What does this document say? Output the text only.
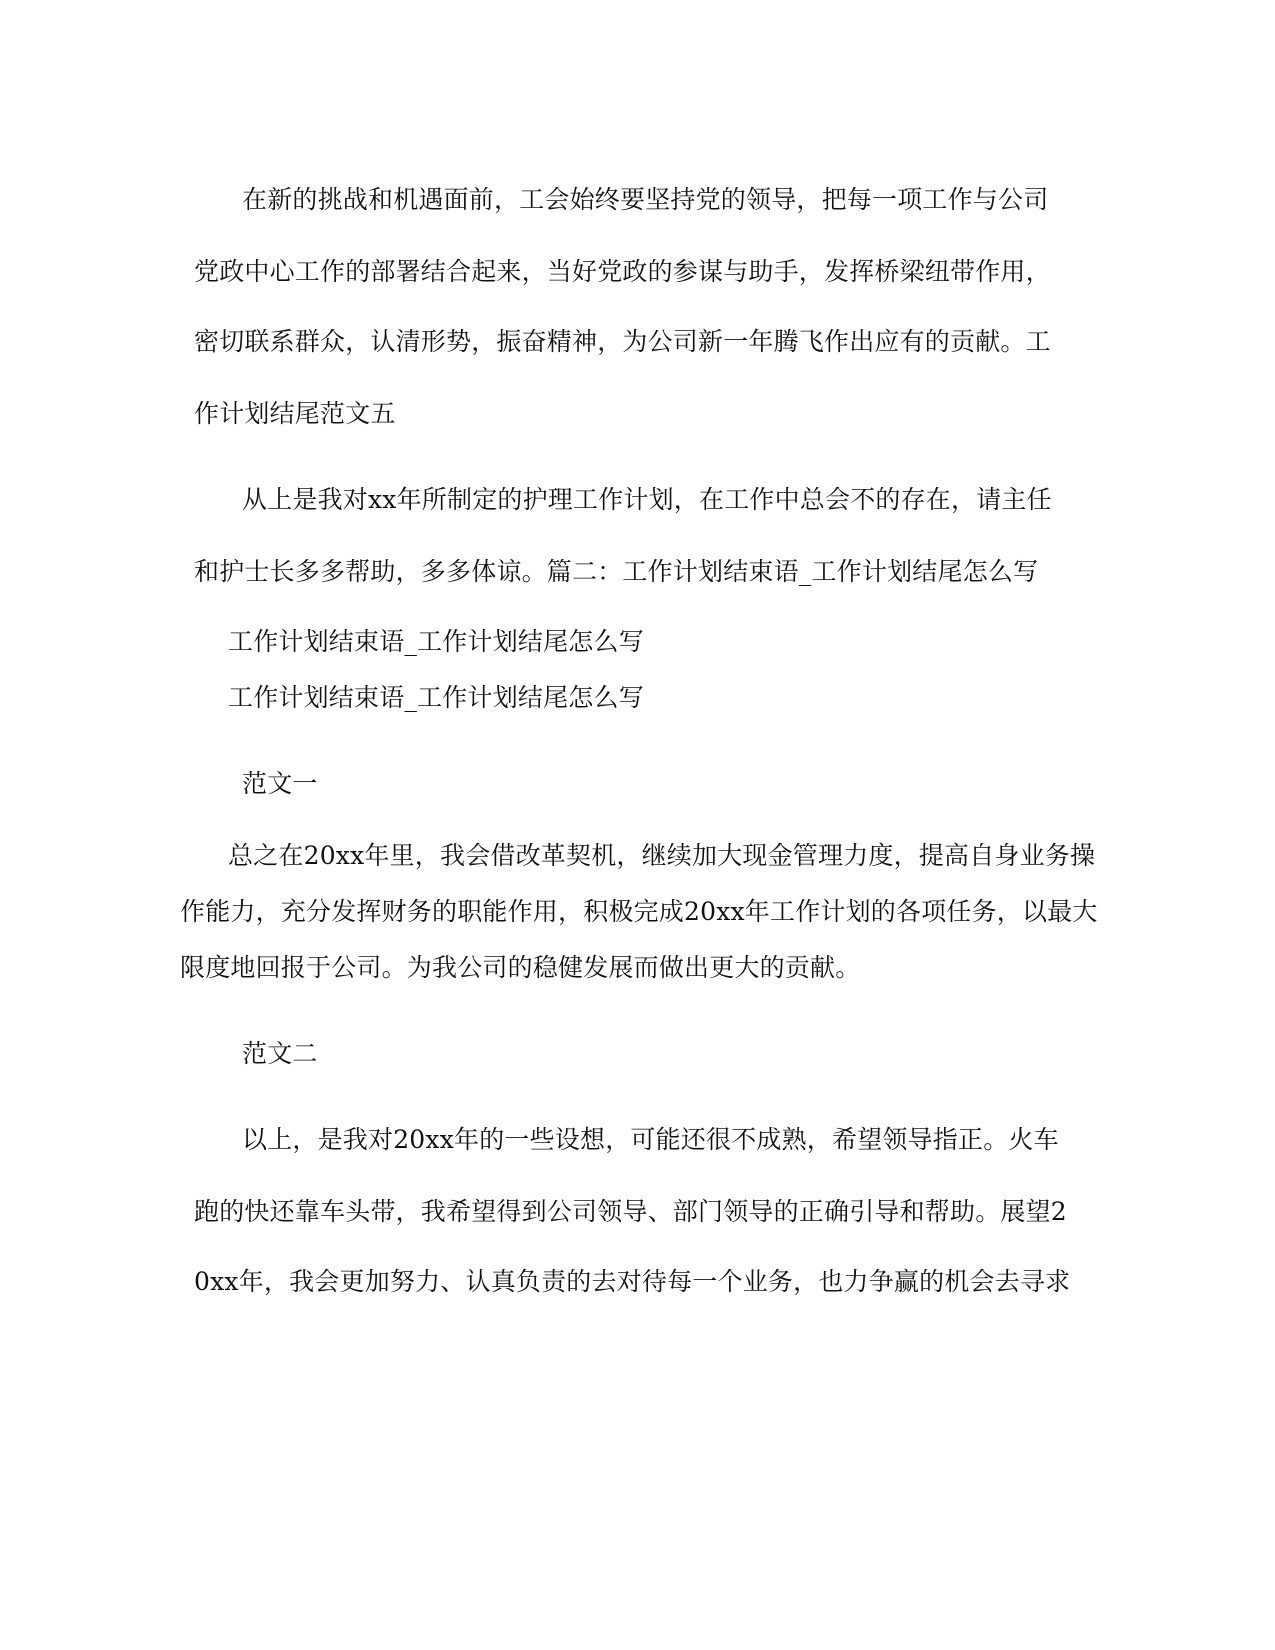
在新的挑战和机遇面前，工会始终要坚持党的领导，把每一项工作与公司
党政中心工作的部署结合起来，当好党政的参谋与助手，发挥桥梁纽带作用，
密切联系群众，认清形势，振奋精神，为公司新一年腾飞作出应有的贡献。工
作计划结尾范文五
从上是我对xx年所制定的护理工作计划，在工作中总会不的存在，请主任
和护士长多多帮助，多多体谅。篇二：工作计划结束语_工作计划结尾怎么写
工作计划结束语_工作计划结尾怎么写
工作计划结束语_工作计划结尾怎么写
范文一
总之在20xx年里，我会借改革契机，继续加大现金管理力度，提高自身业务操
作能力，充分发挥财务的职能作用，积极完成20xx年工作计划的各项任务，以最大
限度地回报于公司。为我公司的稳健发展而做出更大的贡献。
范文二
以上，是我对20xx年的一些设想，可能还很不成熟，希望领导指正。火车
跑的快还靠车头带，我希望得到公司领导、部门领导的正确引导和帮助。展望2
0xx年，我会更加努力、认真负责的去对待每一个业务，也力争赢的机会去寻求
